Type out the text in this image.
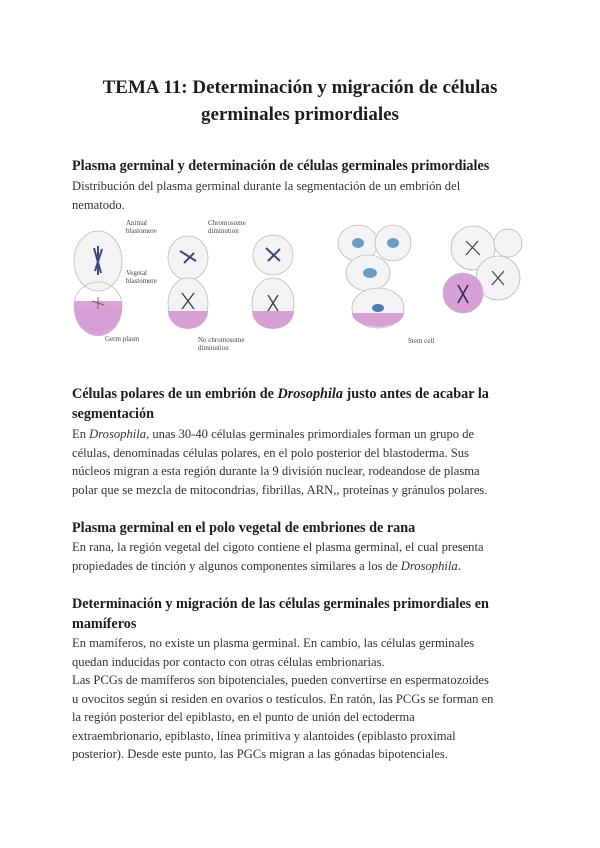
TEMA 11: Determinación y migración de células
germinales primordiales
Plasma germinal y determinación de células germinales primordiales

Distribución del plasma germinal durante la segmentación de un embrión del
nematodo.

Animal
blastomere
Chromosome
diminution
Vegetal
blastomere
Germ plasm	No chromosome
diminution
Stem cell
Células polares de un embrión de Drosophila justo antes de acabar la
segmentación

En Drosophila, unas 30-40 células germinales primordiales forman un grupo de
células, denominadas células polares, en el polo posterior del blastoderma. Sus
núcleos migran a esta región durante la 9 división nuclear, rodeandose de plasma
polar que se mezcla de mitocondrias, fibrillas, ARN,, proteínas y gránulos polares.

Plasma germinal en el polo vegetal de embriones de rana

En rana, la región vegetal del cigoto contiene el plasma germinal, el cual presenta
propiedades de tinción y algunos componentes similares a los de Drosophila.

Determinación y migración de las células germinales primordiales en
mamíferos

En mamíferos, no existe un plasma germinal. En cambio, las células germinales
quedan inducidas por contacto con otras células embrionarias.
Las PCGs de mamíferos son bipotenciales, pueden convertirse en espermatozoides
u ovocitos según si residen en ovarios o testículos. En ratón, las PCGs se forman en
la región posterior del epiblasto, en el punto de unión del ectoderma
extraembrionario, epiblasto, línea primitiva y alantoides (epiblasto proximal
posterior). Desde este punto, las PGCs migran a las gónadas bipotenciales.
